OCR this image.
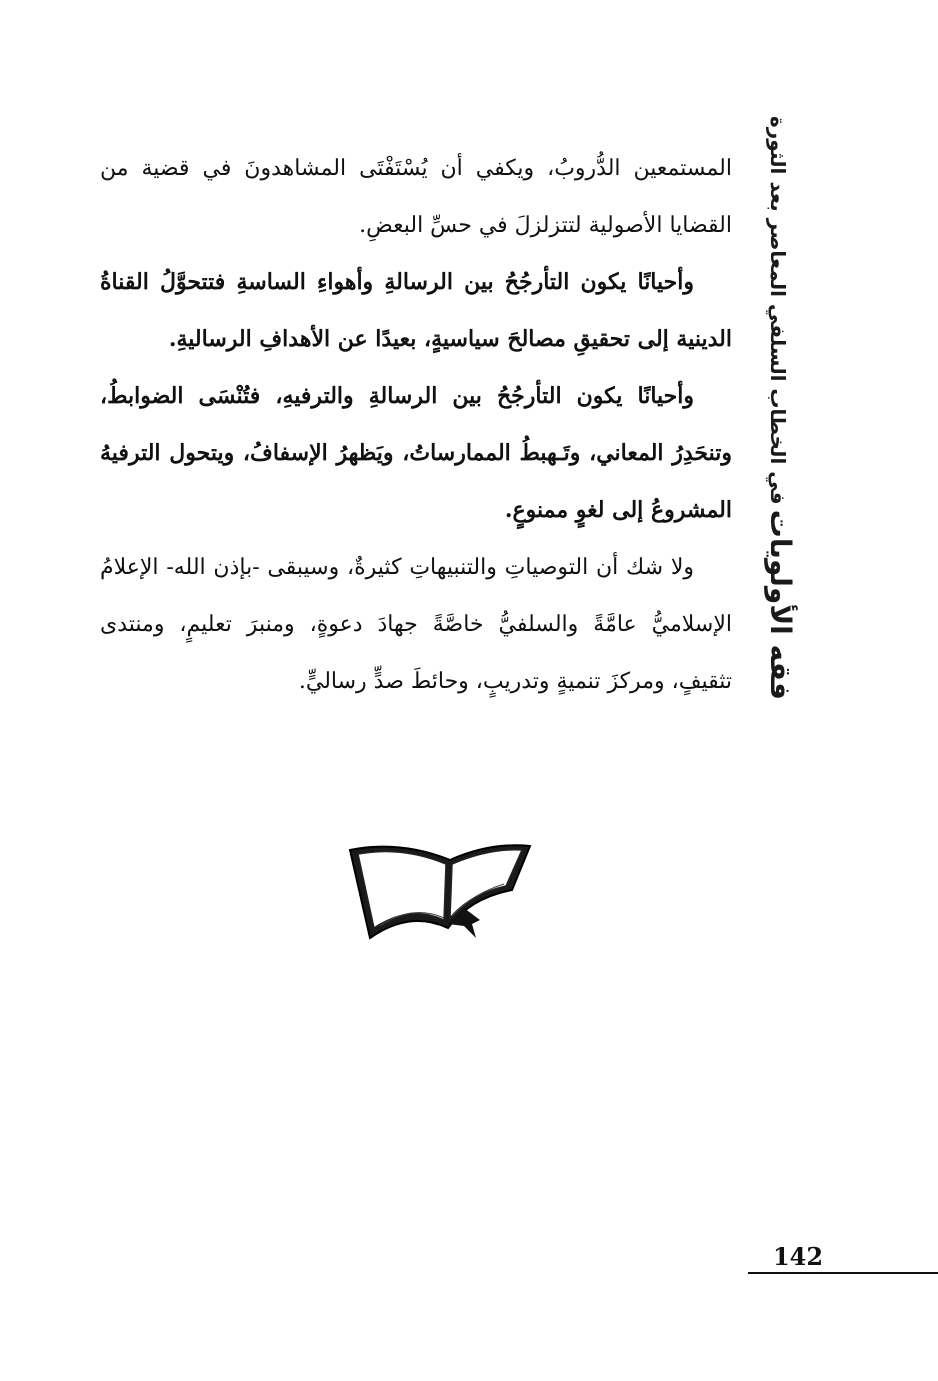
فقه الأولويات في الخطاب السلفي المعاصر بعد الثورة

المستمعين الدُّروبُ، ويكفي أن يُسْتَفْتَى المشاهدونَ في قضية من القضايا الأصولية لتتزلزلَ في حسِّ البعضِ.

وأحيانًا يكون التأرجُحُ بين الرسالةِ وأهواءِ الساسةِ فتتحوَّلُ القناةُ الدينية إلى تحقيقِ مصالحَ سياسيةٍ، بعيدًا عن الأهدافِ الرساليةِ.

وأحيانًا يكون التأرجُحُ بين الرسالةِ والترفيهِ، فتُنْسَى الضوابطُ، وتنحَدِرُ المعاني، وتَـهبطُ الممارساتُ، ويَظهرُ الإسفافُ، ويتحول الترفيهُ المشروعُ إلى لغوٍ ممنوعٍ.

ولا شك أن التوصياتِ والتنبيهاتِ كثيرةٌ، وسيبقى -بإذن الله- الإعلامُ الإسلاميُّ عامَّةً والسلفيُّ خاصَّةً جهادَ دعوةٍ، ومنبرَ تعليمٍ، ومنتدى تثقيفٍ، ومركزَ تنميةٍ وتدريبٍ، وحائطَ صدٍّ رساليٍّ.

142
